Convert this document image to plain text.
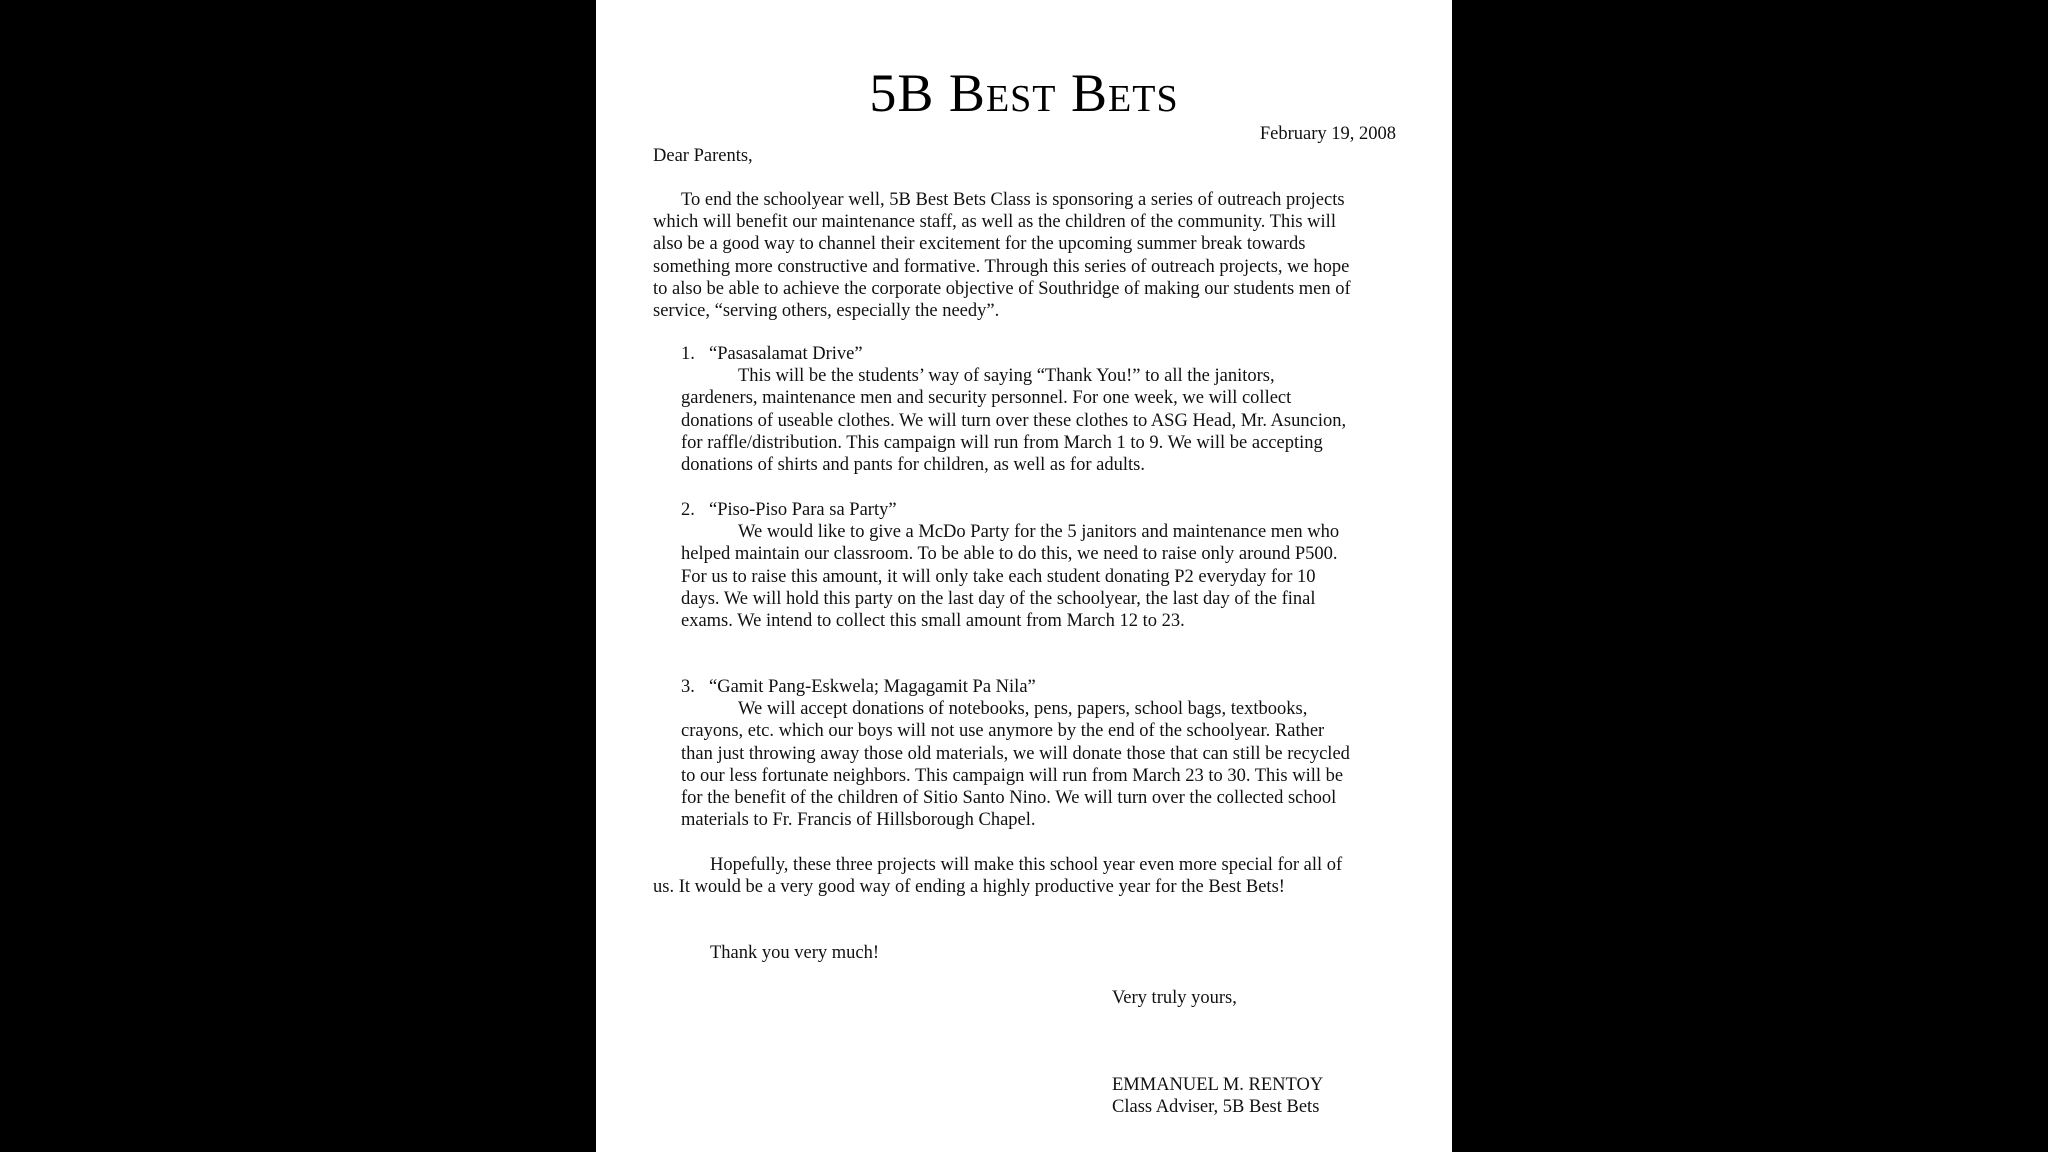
5B Best Bets
February 19, 2008

Dear Parents,

To end the schoolyear well, 5B Best Bets Class is sponsoring a series of outreach projects which will benefit our maintenance staff, as well as the children of the community. This will also be a good way to channel their excitement for the upcoming summer break towards something more constructive and formative. Through this series of outreach projects, we hope to also be able to achieve the corporate objective of Southridge of making our students men of service, “serving others, especially the needy”.

1. “Pasasalamat Drive”
This will be the students’ way of saying “Thank You!” to all the janitors, gardeners, maintenance men and security personnel. For one week, we will collect donations of useable clothes. We will turn over these clothes to ASG Head, Mr. Asuncion, for raffle/distribution. This campaign will run from March 1 to 9. We will be accepting donations of shirts and pants for children, as well as for adults.
2. “Piso-Piso Para sa Party”
We would like to give a McDo Party for the 5 janitors and maintenance men who helped maintain our classroom. To be able to do this, we need to raise only around P500. For us to raise this amount, it will only take each student donating P2 everyday for 10 days. We will hold this party on the last day of the schoolyear, the last day of the final exams. We intend to collect this small amount from March 12 to 23.
3. “Gamit Pang-Eskwela; Magagamit Pa Nila”
We will accept donations of notebooks, pens, papers, school bags, textbooks, crayons, etc. which our boys will not use anymore by the end of the schoolyear. Rather than just throwing away those old materials, we will donate those that can still be recycled to our less fortunate neighbors. This campaign will run from March 23 to 30. This will be for the benefit of the children of Sitio Santo Nino. We will turn over the collected school materials to Fr. Francis of Hillsborough Chapel.

Hopefully, these three projects will make this school year even more special for all of us. It would be a very good way of ending a highly productive year for the Best Bets!

Thank you very much!

Very truly yours,

EMMANUEL M. RENTOY

Class Adviser, 5B Best Bets
